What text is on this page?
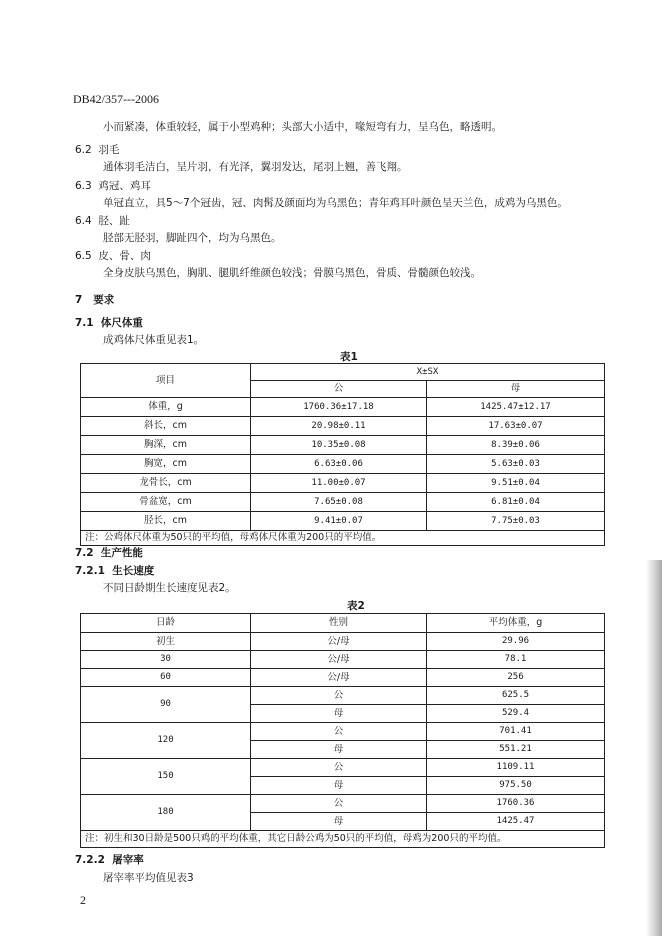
DB42/357---2006
小而紧凑，体重较轻，属于小型鸡种；头部大小适中，喙短弯有力，呈乌色，略透明。
6.2 羽毛
通体羽毛洁白，呈片羽，有光泽，翼羽发达，尾羽上翘，善飞翔。
6.3 鸡冠、鸡耳
单冠直立，具5～7个冠齿，冠、肉髯及颜面均为乌黑色；青年鸡耳叶颜色呈天兰色，成鸡为乌黑色。
6.4 胫、趾
胫部无胫羽，脚趾四个，均为乌黑色。
6.5 皮、骨、肉
全身皮肤乌黑色，胸肌、腿肌纤维颜色较浅；骨膜乌黑色，骨质、骨髓颜色较浅。
7 要求
7.1 体尺体重
成鸡体尺体重见表1。
表1
项目	X±SX	
	公	母
体重，g	1760.36±17.18	1425.47±12.17
斜长，cm	20.98±0.11	17.63±0.07
胸深，cm	10.35±0.08	8.39±0.06
胸宽，cm	6.63±0.06	5.63±0.03
龙骨长，cm	11.00±0.07	9.51±0.04
骨盆宽，cm	7.65±0.08	6.81±0.04
胫长，cm	9.41±0.07	7.75±0.03
注：公鸡体尺体重为50只的平均值，母鸡体尺体重为200只的平均值。		
7.2 生产性能
7.2.1 生长速度
不同日龄期生长速度见表2。
表2
日龄	性别	平均体重，g
初生	公/母	29.96
30	公/母	78.1
60	公/母	256
90	公	625.5
	母	529.4
120	公	701.41
	母	551.21
150	公	1109.11
	母	975.50
180	公	1760.36
	母	1425.47
注：初生和30日龄是500只鸡的平均体重，其它日龄公鸡为50只的平均值，母鸡为200只的平均值。		
7.2.2 屠宰率
屠宰率平均值见表3
2
